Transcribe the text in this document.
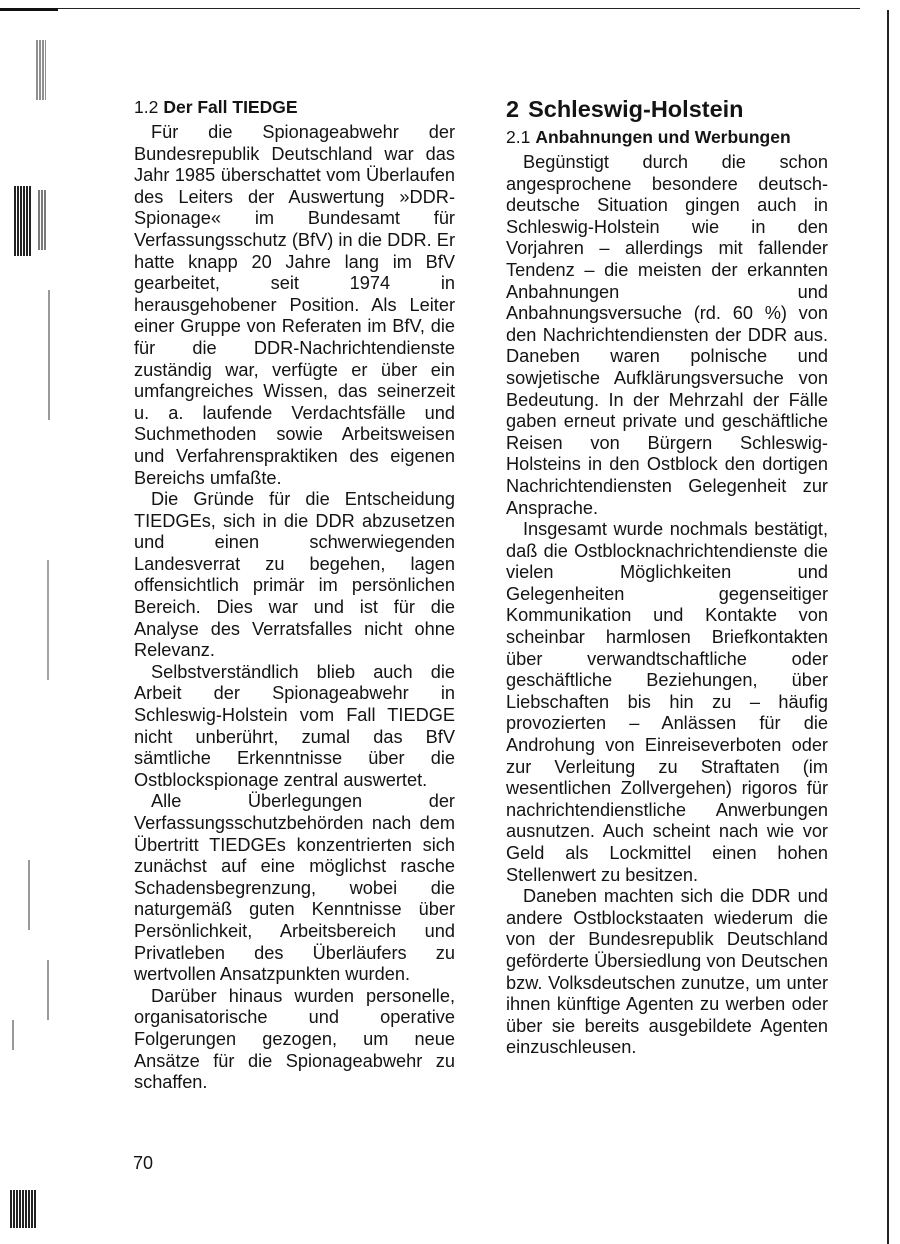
1.2 Der Fall TIEDGE

Für die Spionageabwehr der Bundesrepublik Deutschland war das Jahr 1985 überschattet vom Überlaufen des Leiters der Auswertung »DDR-Spionage« im Bundesamt für Verfassungsschutz (BfV) in die DDR. Er hatte knapp 20 Jahre lang im BfV gearbeitet, seit 1974 in herausgehobener Position. Als Leiter einer Gruppe von Referaten im BfV, die für die DDR-Nachrichtendienste zuständig war, verfügte er über ein umfangreiches Wissen, das seinerzeit u. a. laufende Verdachtsfälle und Suchmethoden sowie Arbeitsweisen und Verfahrenspraktiken des eigenen Bereichs umfaßte.

Die Gründe für die Entscheidung TIEDGEs, sich in die DDR abzusetzen und einen schwerwiegenden Landesverrat zu begehen, lagen offensichtlich primär im persönlichen Bereich. Dies war und ist für die Analyse des Verratsfalles nicht ohne Relevanz.

Selbstverständlich blieb auch die Arbeit der Spionageabwehr in Schleswig-Holstein vom Fall TIEDGE nicht unberührt, zumal das BfV sämtliche Erkenntnisse über die Ostblockspionage zentral auswertet.

Alle Überlegungen der Verfassungsschutzbehörden nach dem Übertritt TIEDGEs konzentrierten sich zunächst auf eine möglichst rasche Schadensbegrenzung, wobei die naturgemäß guten Kenntnisse über Persönlichkeit, Arbeitsbereich und Privatleben des Überläufers zu wertvollen Ansatzpunkten wurden.

Darüber hinaus wurden personelle, organisatorische und operative Folgerungen gezogen, um neue Ansätze für die Spionageabwehr zu schaffen.

2 Schleswig-Holstein
2.1 Anbahnungen und Werbungen

Begünstigt durch die schon angesprochene besondere deutsch-deutsche Situation gingen auch in Schleswig-Holstein wie in den Vorjahren – allerdings mit fallender Tendenz – die meisten der erkannten Anbahnungen und Anbahnungsversuche (rd. 60 %) von den Nachrichtendiensten der DDR aus. Daneben waren polnische und sowjetische Aufklärungsversuche von Bedeutung. In der Mehrzahl der Fälle gaben erneut private und geschäftliche Reisen von Bürgern Schleswig-Holsteins in den Ostblock den dortigen Nachrichtendiensten Gelegenheit zur Ansprache.

Insgesamt wurde nochmals bestätigt, daß die Ostblocknachrichtendienste die vielen Möglichkeiten und Gelegenheiten gegenseitiger Kommunikation und Kontakte von scheinbar harmlosen Briefkontakten über verwandtschaftliche oder geschäftliche Beziehungen, über Liebschaften bis hin zu – häufig provozierten – Anlässen für die Androhung von Einreiseverboten oder zur Verleitung zu Straftaten (im wesentlichen Zollvergehen) rigoros für nachrichtendienstliche Anwerbungen ausnutzen. Auch scheint nach wie vor Geld als Lockmittel einen hohen Stellenwert zu besitzen.

Daneben machten sich die DDR und andere Ostblockstaaten wiederum die von der Bundesrepublik Deutschland geförderte Übersiedlung von Deutschen bzw. Volksdeutschen zunutze, um unter ihnen künftige Agenten zu werben oder über sie bereits ausgebildete Agenten einzuschleusen.

70
